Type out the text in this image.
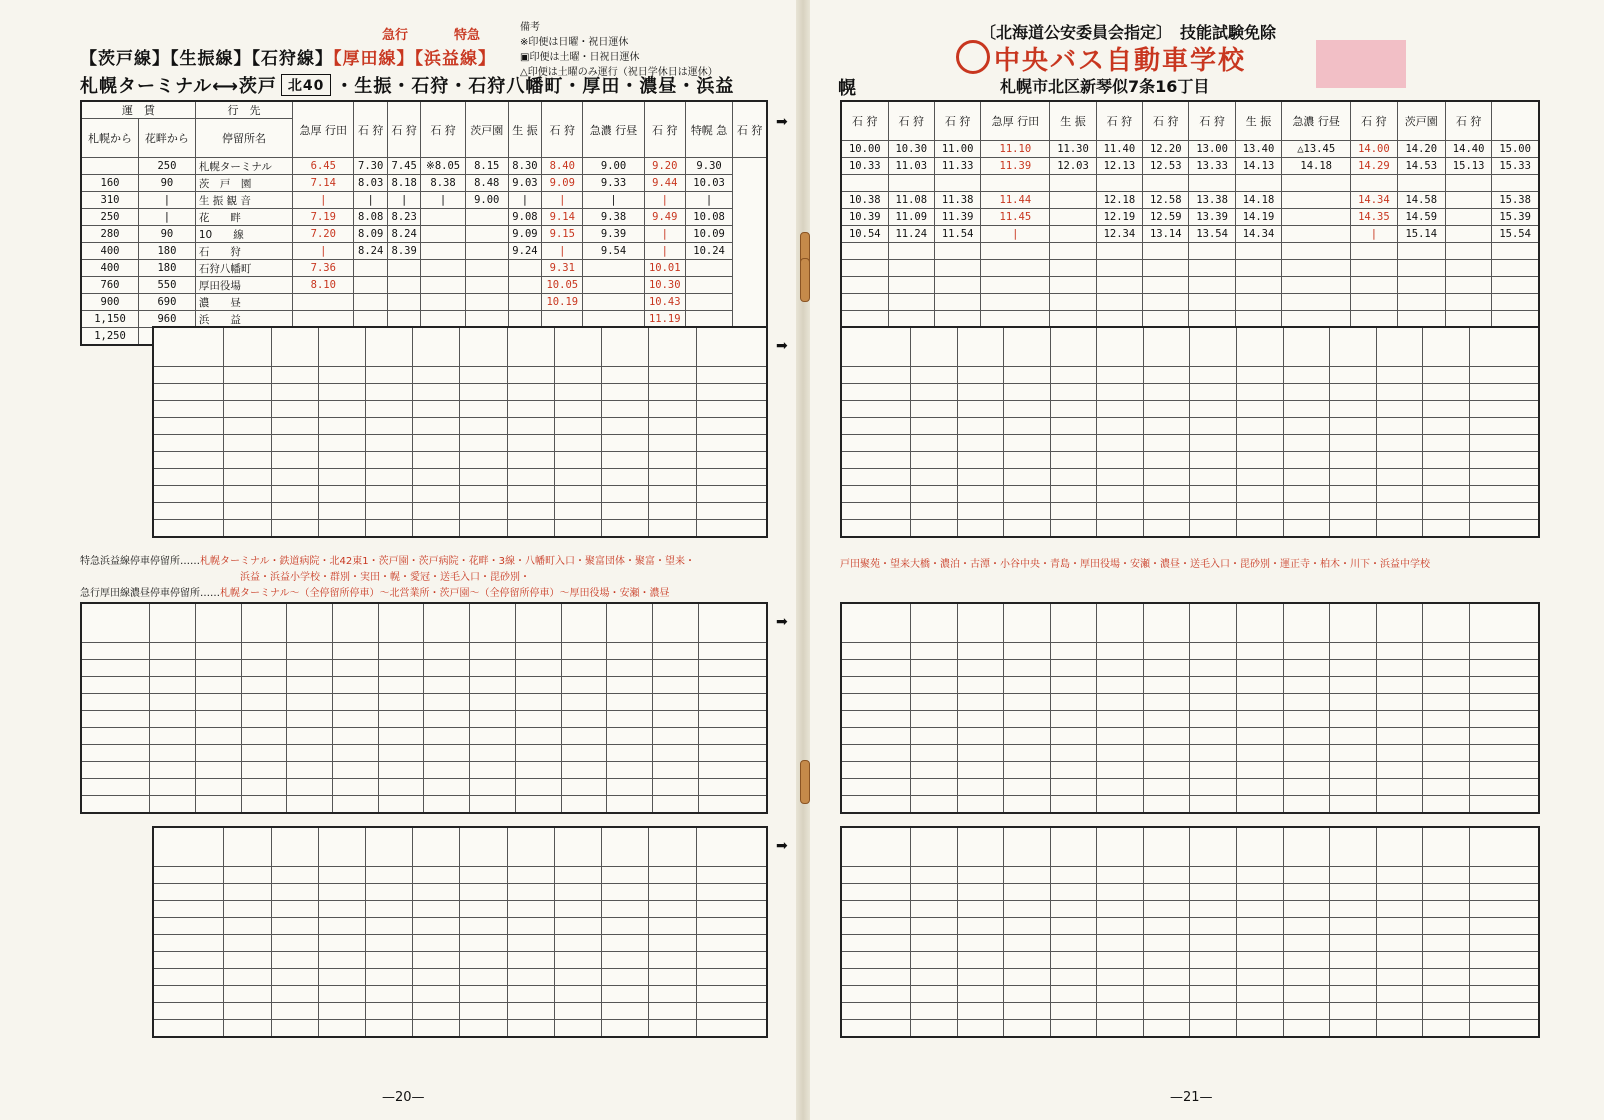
急行	特急
【茨戸線】【生振線】【石狩線】【厚田線】【浜益線】
札幌ターミナル⟷茨戸 北40 ・生振・石狩・石狩八幡町・厚田・濃昼・浜益
備考
※印便は日曜・祝日運休
▣印便は土曜・日祝日運休
△印便は土曜のみ運行（祝日学休日は運休）
〔北海道公安委員会指定〕　技能試験免除
中央バス自動車学校
札幌市北区新琴似7条16丁目
幌
運　賃		行　先	急厚 行田	石 狩	石 狩	石 狩	茨戸園	生 振	石 狩	急濃 行昼	石 狩	特幌 急	石 狩
札幌から	花畔から	停留所名											
	250	札幌ターミナル	6.45	7.30	7.45	※8.05	8.15	8.30	8.40	9.00	9.20	9.30	
160	90	茨　戸　園	7.14	8.03	8.18	8.38	8.48	9.03	9.09	9.33	9.44	10.03	
310	|	生 振 観 音	|	|	|	|	9.00	|	|	|	|	|	
250	|	花　　畔	7.19	8.08	8.23			9.08	9.14	9.38	9.49	10.08	
280	90	10　　線	7.20	8.09	8.24			9.09	9.15	9.39	|	10.09	
400	180	石　　狩	|	8.24	8.39			9.24	|	9.54	|	10.24	
400	180	石狩八幡町	7.36						9.31		10.01		
760	550	厚田役場	8.10						10.05		10.30		
900	690	濃　　昼							10.19		10.43		
1,150	960	浜　　益									11.19		
1,250												
➡	石 狩	石 狩	石 狩	急厚 行田	生 振	石 狩	石 狩	石 狩	生 振	急濃 行昼	石 狩	茨戸園	石 狩	
10.00	10.30	11.00	11.10	11.30	11.40	12.20	13.00	13.40	△13.45	14.00	14.20	14.40	15.00
10.33	11.03	11.33	11.39	12.03	12.13	12.53	13.33	14.13	14.18	14.29	14.53	15.13	15.33

10.38	11.08	11.38	11.44		12.18	12.58	13.38	14.18		14.34	14.58		15.38
10.39	11.09	11.39	11.45		12.19	12.59	13.39	14.19		14.35	14.59		15.39
10.54	11.24	11.54	|		12.34	13.14	13.54	14.34		|	15.14		15.54

➡

特急浜益線停車停留所……札幌ターミナル・鉄道病院・北42東1・茨戸園・茨戸病院・花畔・3線・八幡町入口・聚富団体・聚富・望来・
浜益・浜益小学校・群別・実田・幌・愛冠・送毛入口・毘砂別・
急行厚田線濃昼停車停留所……札幌ターミナル〜（全停留所停車）〜北営業所・茨戸園〜（全停留所停車）〜厚田役場・安瀬・濃昼
戸田聚苑・望来大橋・濃泊・古潭・小谷中央・青島・厚田役場・安瀬・濃昼・送毛入口・毘砂別・運正寺・柏木・川下・浜益中学校

➡

➡

—20—	—21—
